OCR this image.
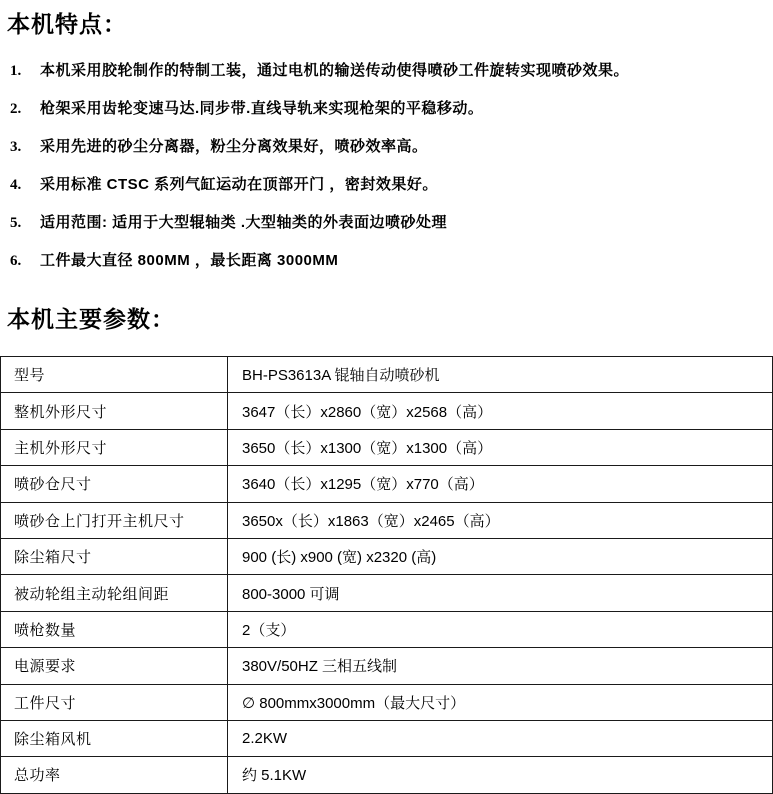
本机特点：
1.	本机采用胶轮制作的特制工装，通过电机的输送传动使得喷砂工件旋转实现喷砂效果。
2.	枪架采用齿轮变速马达.同步带.直线导轨来实现枪架的平稳移动。
3.	采用先进的砂尘分离器，粉尘分离效果好，喷砂效率高。
4.	采用标准 CTSC 系列气缸运动在顶部开门 ，密封效果好。
5.	适用范围: 适用于大型辊轴类 .大型轴类的外表面边喷砂处理
6.	工件最大直径 800MM ，最长距离 3000MM
本机主要参数：
型号	BH-PS3613A 锟轴自动喷砂机
整机外形尺寸	3647（长）x2860（宽）x2568（高）
主机外形尺寸	3650（长）x1300（宽）x1300（高）
喷砂仓尺寸	3640（长）x1295（宽）x770（高）
喷砂仓上门打开主机尺寸	3650x（长）x1863（宽）x2465（高）
除尘箱尺寸	900 (长) x900 (宽) x2320 (高)
被动轮组主动轮组间距	800-3000 可调
喷枪数量	2（支）
电源要求	380V/50HZ 三相五线制
工件尺寸	∅ 800mmx3000mm（最大尺寸）
除尘箱风机	2.2KW
总功率	约 5.1KW
